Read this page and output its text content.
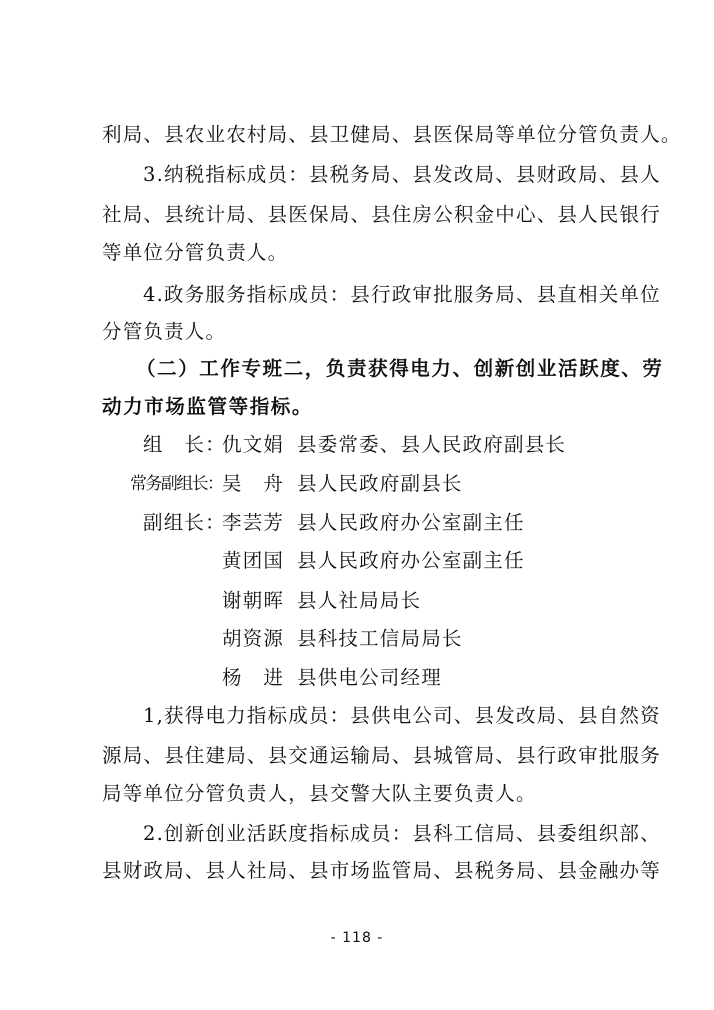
利局、县农业农村局、县卫健局、县医保局等单位分管负责人。
3.纳税指标成员：县税务局、县发改局、县财政局、县人
社局、县统计局、县医保局、县住房公积金中心、县人民银行
等单位分管负责人。
4.政务服务指标成员：县行政审批服务局、县直相关单位
分管负责人。
（二）工作专班二，负责获得电力、创新创业活跃度、劳
动力市场监管等指标。
组　长：
仇文娟 县委常委、县人民政府副县长
常务副组长： 吴　舟 县人民政府副县长
副组长：
李芸芳 县人民政府办公室副主任
黄团国 县人民政府办公室副主任
谢朝晖 县人社局局长
胡资源 县科技工信局局长
杨　进 县供电公司经理
1,获得电力指标成员：县供电公司、县发改局、县自然资
源局、县住建局、县交通运输局、县城管局、县行政审批服务
局等单位分管负责人，县交警大队主要负责人。
2.创新创业活跃度指标成员：县科工信局、县委组织部、
县财政局、县人社局、县市场监管局、县税务局、县金融办等
- 118 -
